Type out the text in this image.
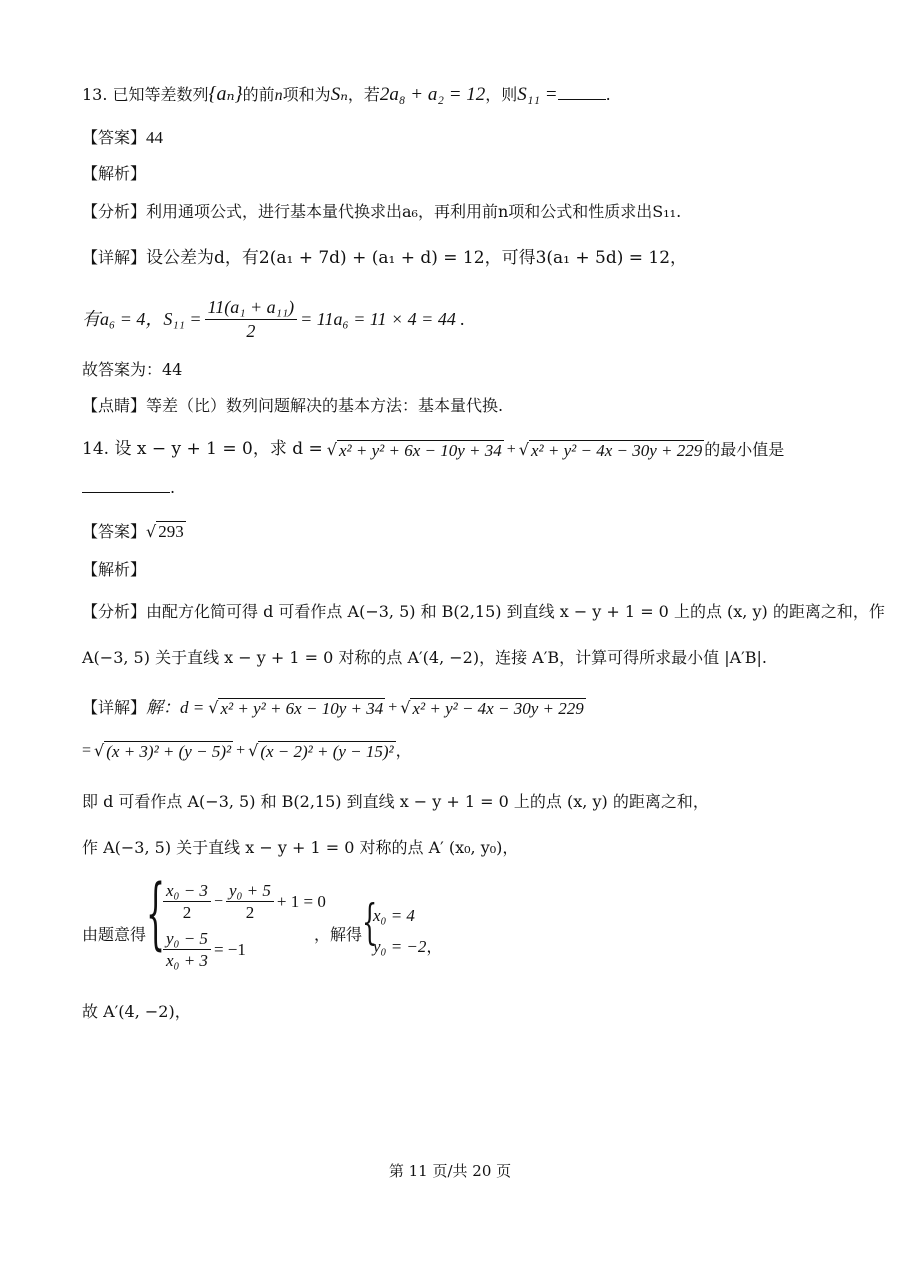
13. 已知等差数列{aₙ}的前n项和为Sₙ，若2a₈ + a₂ = 12，则S₁₁ =	.
【答案】44
【解析】
【分析】利用通项公式，进行基本量代换求出a₆，再利用前n项和公式和性质求出S₁₁.
【详解】设公差为d，有2(a₁ + 7d) + (a₁ + d) = 12，可得3(a₁ + 5d) = 12，
有a₆ = 4，$S_{11} = \frac{\text{11(a₁ + a₁₁)}}{2} = 11a_6 = 11 \times 4 = 44$ .
故答案为：44
【点睛】等差（比）数列问题解决的基本方法：基本量代换.
14. 设 x − y + 1 = 0，求 d = √ x² + y² + 6x − 10y + 34 + √ x² + y² − 4x − 30y + 229 的最小值是
.
【答案】√ 293
【解析】
【分析】由配方化简可得 d 可看作点 A(−3, 5) 和 B(2,15) 到直线 x − y + 1 = 0 上的点 (x, y) 的距离之和，作
A(−3, 5) 关于直线 x − y + 1 = 0 对称的点 A′(4, −2)，连接 A′B，计算可得所求最小值 |A′B|.
【详解】 解：d = √ x² + y² + 6x − 10y + 34 + √ x² + y² − 4x − 30y + 229
= √ (x + 3)² + (y − 5)² + √ (x − 2)² + (y − 15)² ，
即 d 可看作点 A(−3, 5) 和 B(2,15) 到直线 x − y + 1 = 0 上的点 (x, y) 的距离之和，
作 A(−3, 5) 关于直线 x − y + 1 = 0 对称的点 A′ (x₀, y₀)，
由题意得 {
$\frac{\text{x₀ − 3}}{2} - \frac{\text{y₀ + 5}}{2} + 1 = 0$
$\frac{\text{y₀ − 5}}{\text{x₀ + 3}} = -1$
，解得 {
x₀ = 4
y₀ = −2，
故 A′(4, −2)，
第 11 页/共 20 页
